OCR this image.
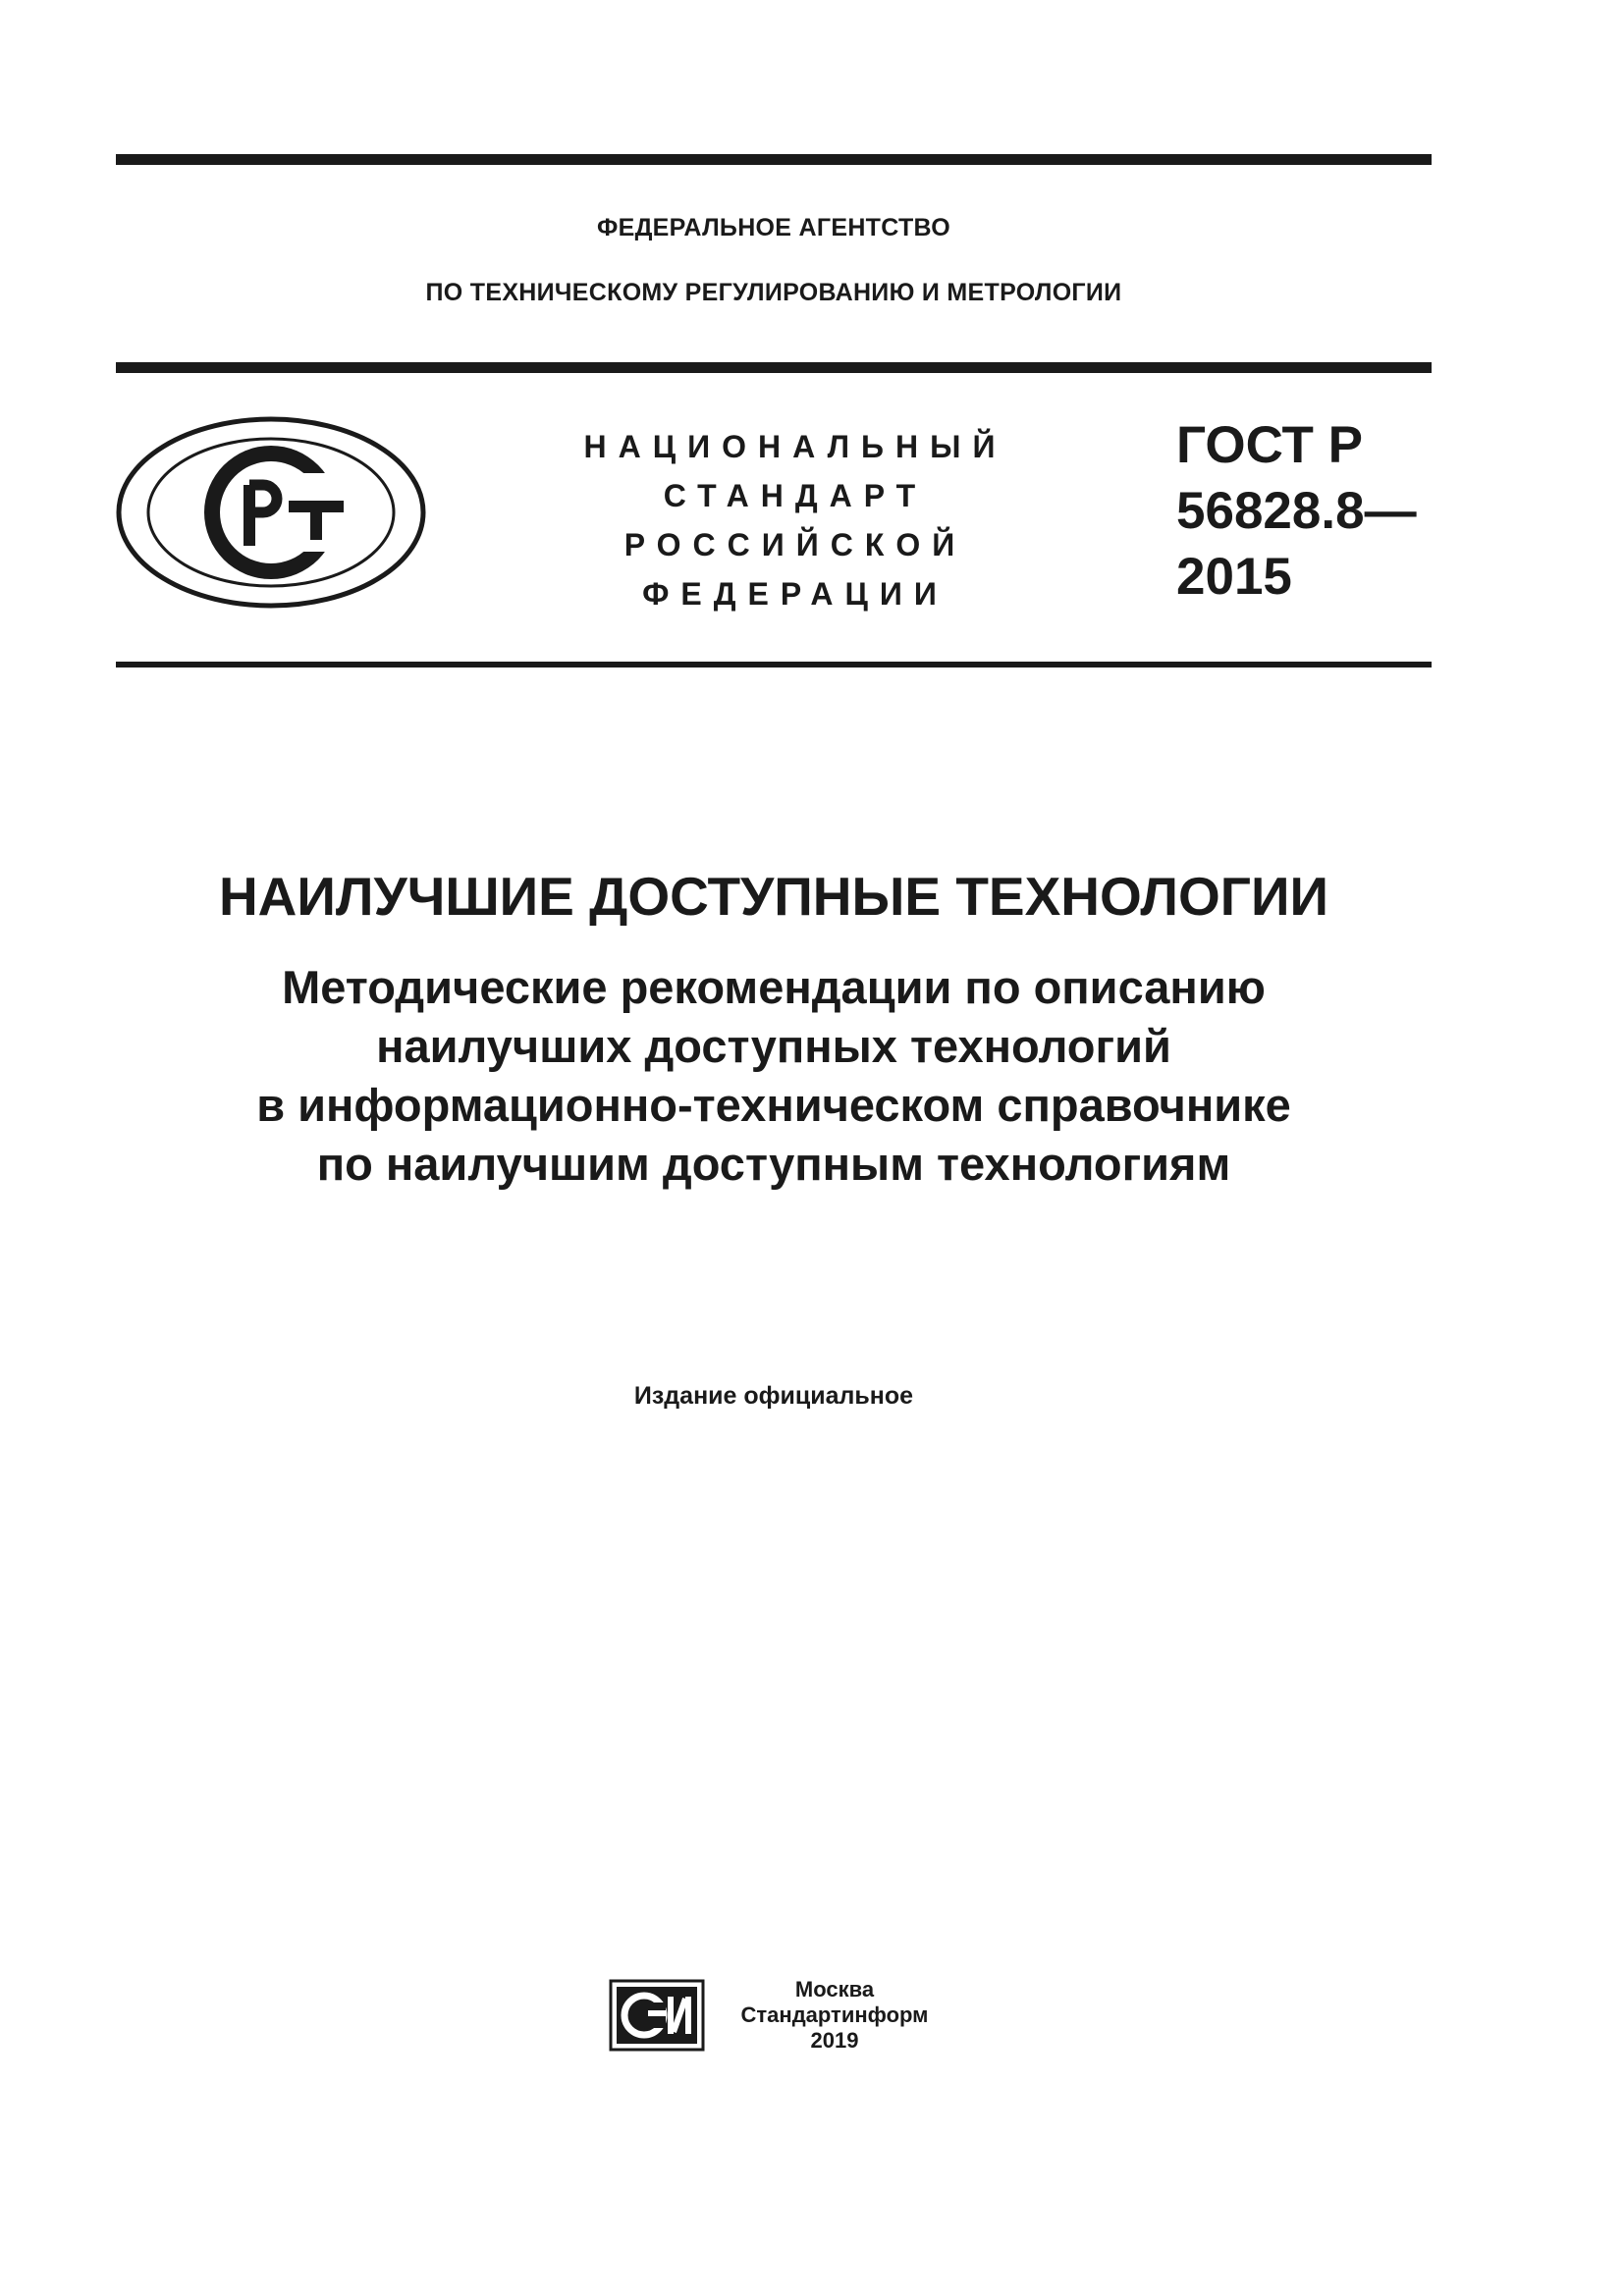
ФЕДЕРАЛЬНОЕ АГЕНТСТВО
ПО ТЕХНИЧЕСКОМУ РЕГУЛИРОВАНИЮ И МЕТРОЛОГИИ
НАЦИОНАЛЬНЫЙ
СТАНДАРТ
РОССИЙСКОЙ
ФЕДЕРАЦИИ
ГОСТ Р
56828.8—
2015
НАИЛУЧШИЕ ДОСТУПНЫЕ ТЕХНОЛОГИИ
Методические рекомендации по описанию
наилучших доступных технологий
в информационно-техническом справочнике
по наилучшим доступным технологиям
Издание официальное
Москва
Стандартинформ
2019
